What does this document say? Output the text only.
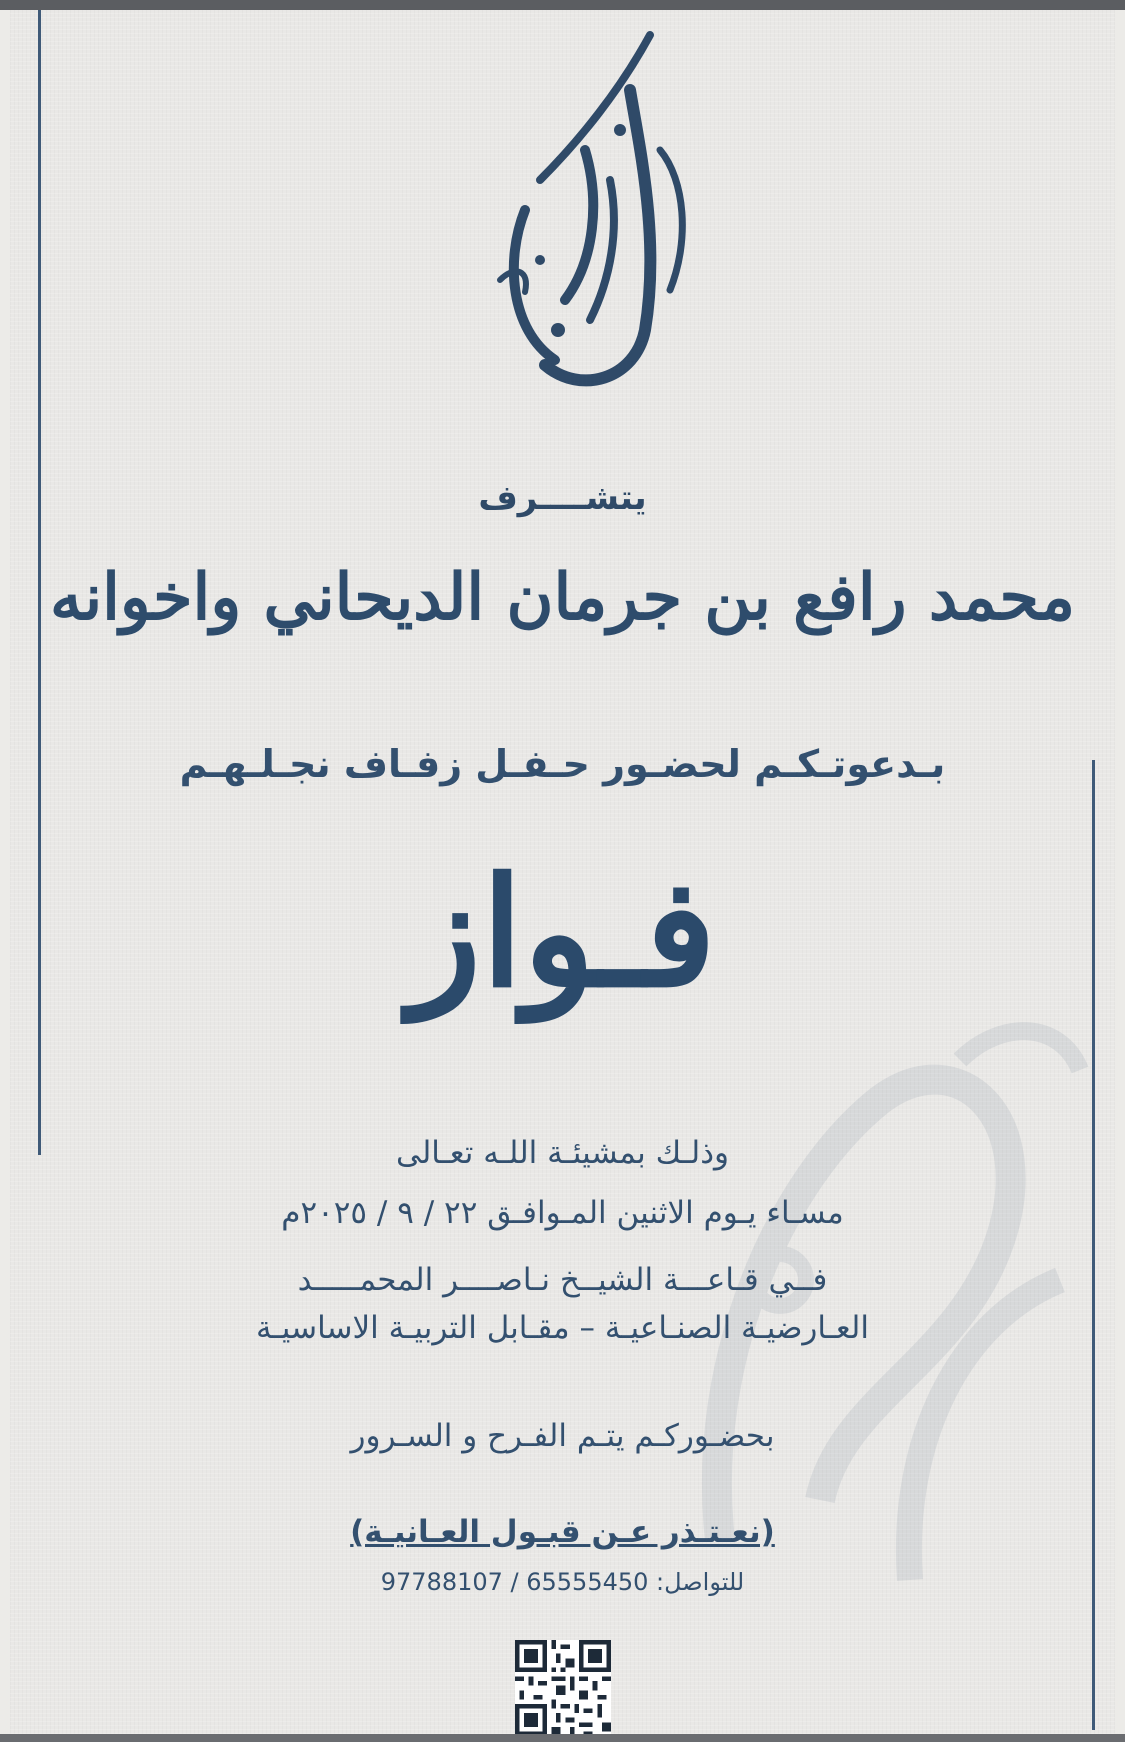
أفراح الجرمان
يتشــــرف
محمد رافع بن جرمان الديحاني واخوانه
بـدعوتـكـم لحضـور حـفـل زفـاف نجـلـهـم
فـواز
وذلـك بمشيئـة اللـه تعـالى
مسـاء يـوم الاثنين المـوافـق ٢٢ / ٩ / ٢٠٢٥م
فــي قـاعـــة الشيــخ نـاصــــر المحمـــــد
العـارضيـة الصنـاعيـة – مقـابل التربيـة الاساسيـة
بحضـوركـم يتـم الفـرح و السـرور
(نعـتـذر عـن قبـول العـانيـة)
للتواصل: 65555450 / 97788107
